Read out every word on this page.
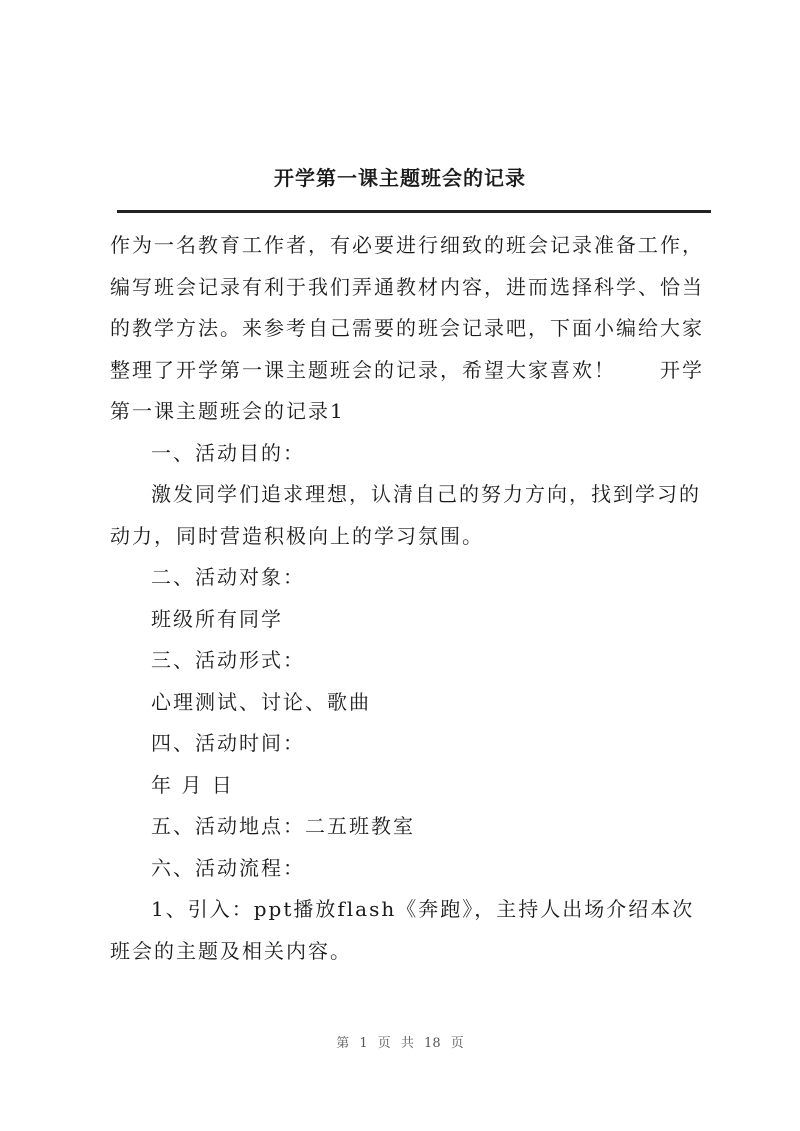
开学第一课主题班会的记录

作为一名教育工作者，有必要进行细致的班会记录准备工作，编写班会记录有利于我们弄通教材内容，进而选择科学、恰当的教学方法。来参考自己需要的班会记录吧，下面小编给大家整理了开学第一课主题班会的记录，希望大家喜欢！　　开学第一课主题班会的记录1

一、活动目的：

激发同学们追求理想，认清自己的努力方向，找到学习的动力，同时营造积极向上的学习氛围。

二、活动对象：

班级所有同学

三、活动形式：

心理测试、讨论、歌曲

四、活动时间：

年 月 日

五、活动地点：二五班教室

六、活动流程：

1、引入：ppt播放flash《奔跑》，主持人出场介绍本次班会的主题及相关内容。

第 1 页 共 18 页
